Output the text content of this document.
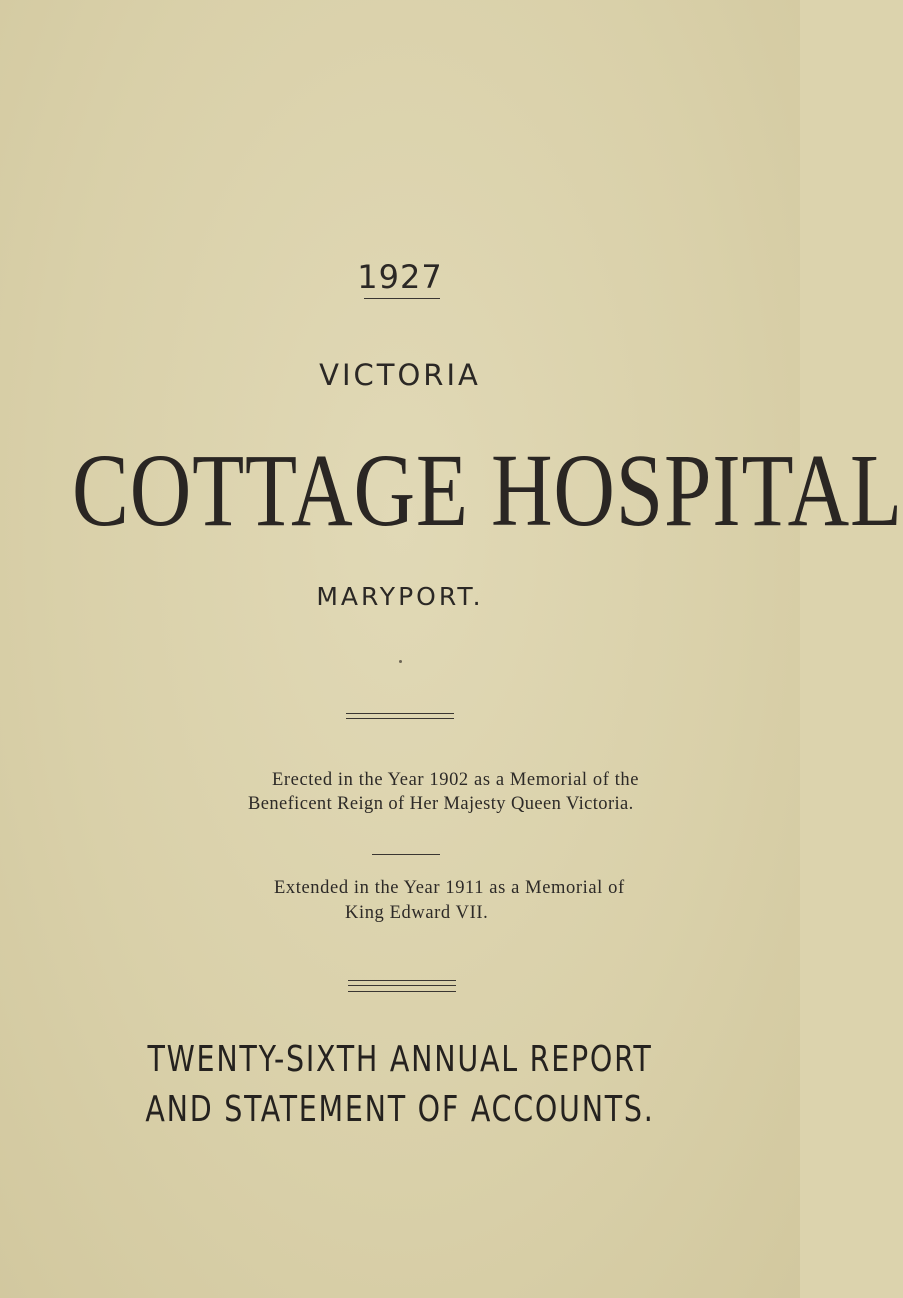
1927
VICTORIA
COTTAGE HOSPITAL
MARYPORT.
Erected in the Year 1902 as a Memorial of the
Beneficent Reign of Her Majesty Queen Victoria.
Extended in the Year 1911 as a Memorial of
King Edward VII.
TWENTY-SIXTH ANNUAL REPORT
AND STATEMENT OF ACCOUNTS.
